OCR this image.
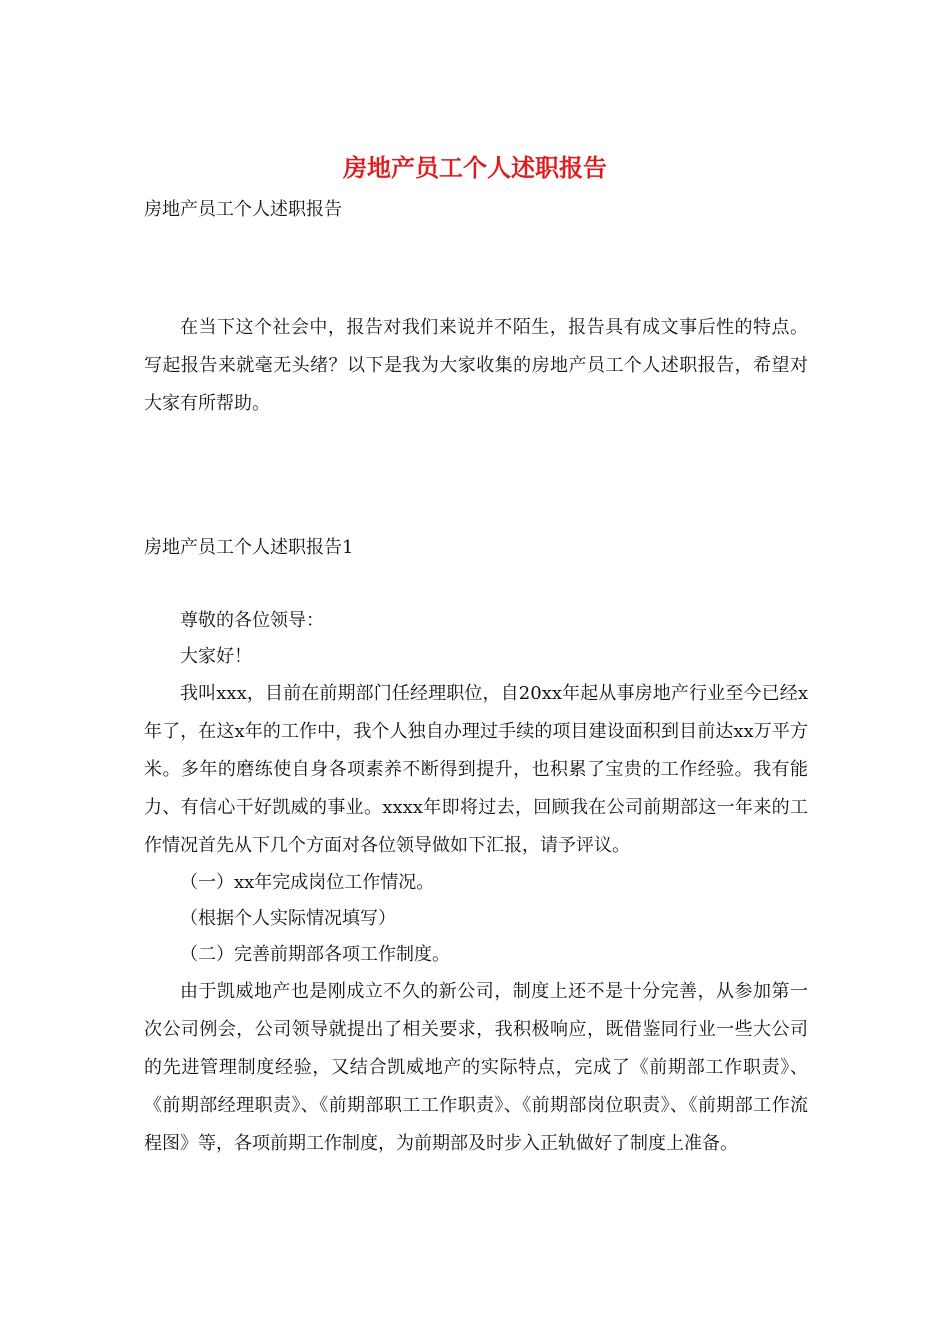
房地产员工个人述职报告

房地产员工个人述职报告

在当下这个社会中，报告对我们来说并不陌生，报告具有成文事后性的特点。写起报告来就毫无头绪？以下是我为大家收集的房地产员工个人述职报告，希望对大家有所帮助。

房地产员工个人述职报告1

尊敬的各位领导：

大家好！

我叫xxx，目前在前期部门任经理职位，自20xx年起从事房地产行业至今已经x年了，在这x年的工作中，我个人独自办理过手续的项目建设面积到目前达xx万平方米。多年的磨练使自身各项素养不断得到提升，也积累了宝贵的工作经验。我有能力、有信心干好凯威的事业。xxxx年即将过去，回顾我在公司前期部这一年来的工作情况首先从下几个方面对各位领导做如下汇报，请予评议。

（一）xx年完成岗位工作情况。

（根据个人实际情况填写）

（二）完善前期部各项工作制度。

由于凯威地产也是刚成立不久的新公司，制度上还不是十分完善，从参加第一次公司例会，公司领导就提出了相关要求，我积极响应，既借鉴同行业一些大公司的先进管理制度经验，又结合凯威地产的实际特点，完成了《前期部工作职责》、《前期部经理职责》、《前期部职工工作职责》、《前期部岗位职责》、《前期部工作流程图》等，各项前期工作制度，为前期部及时步入正轨做好了制度上准备。
